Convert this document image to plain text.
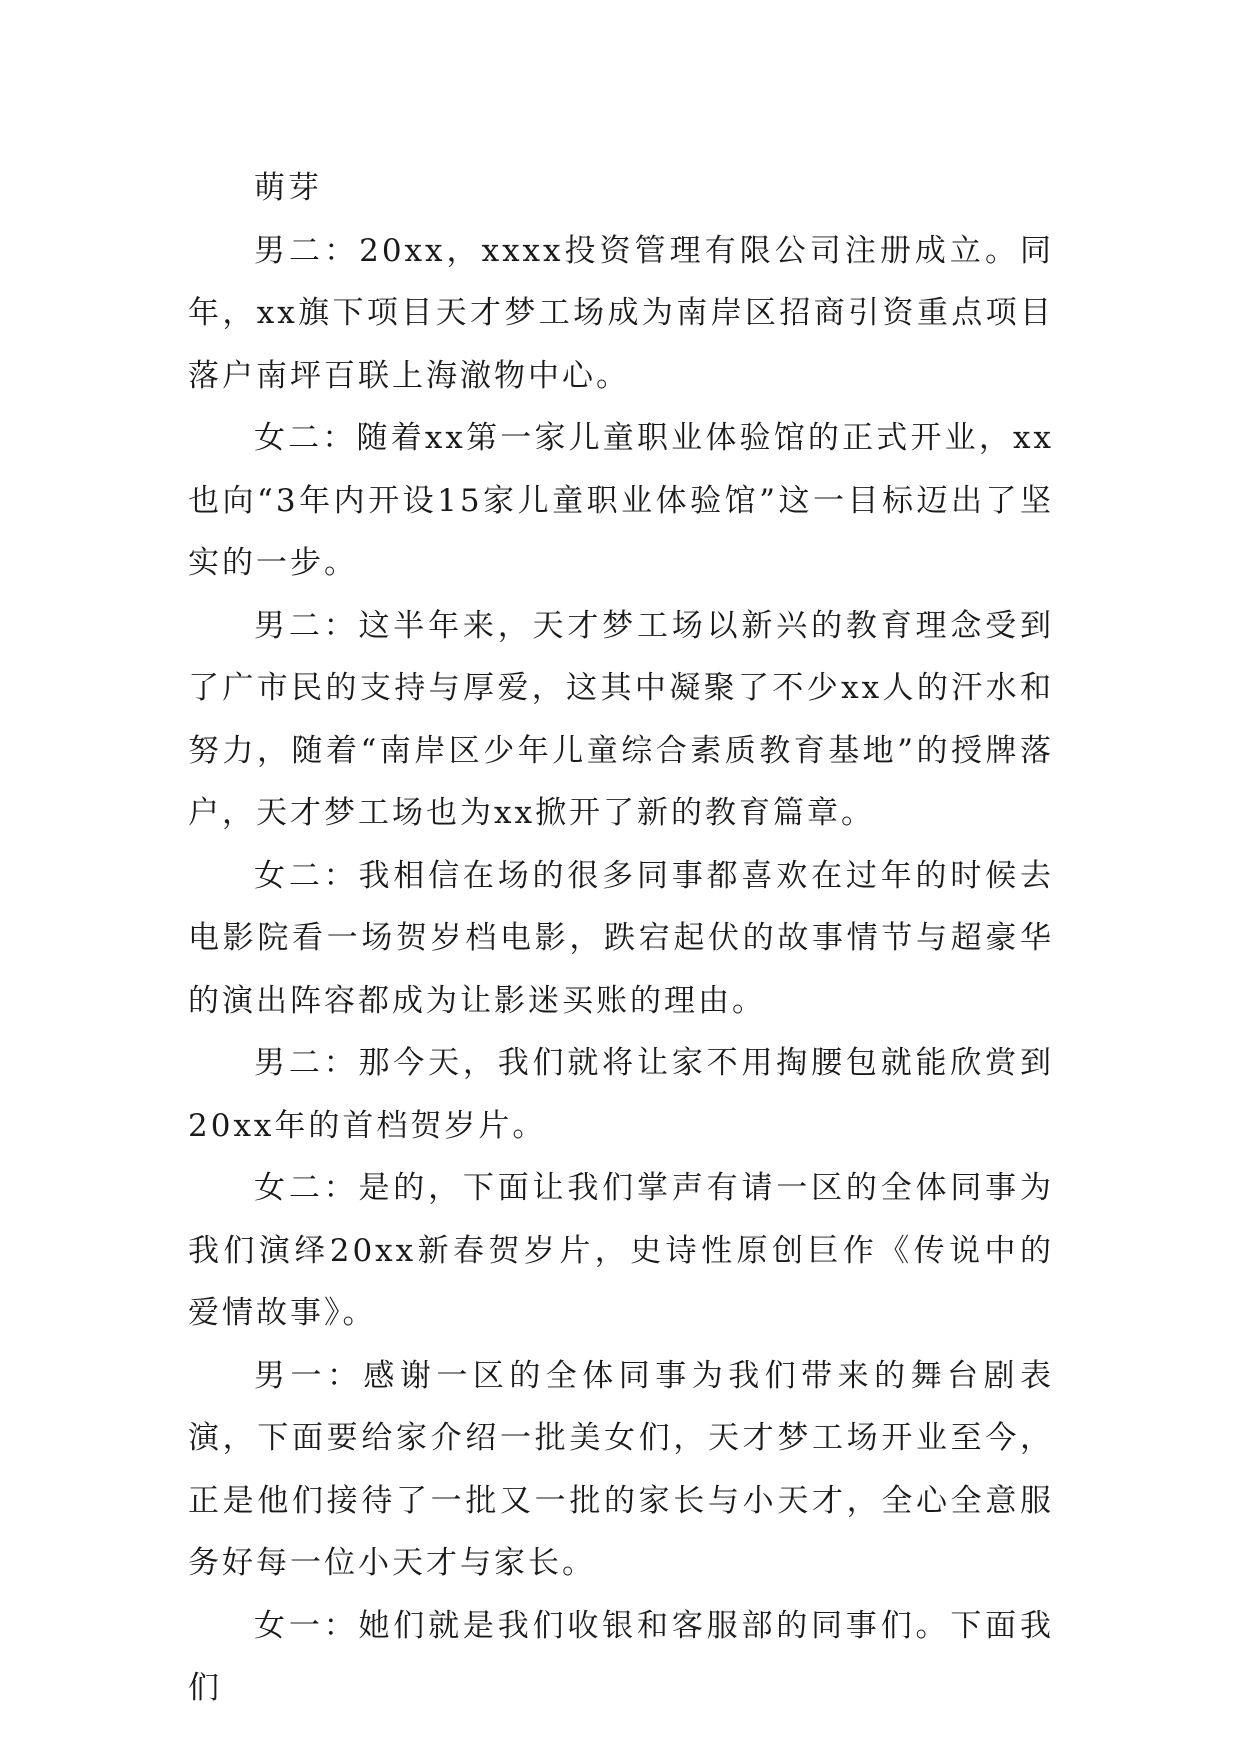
萌芽

男二：20xx，xxxx投资管理有限公司注册成立。同年，xx旗下项目天才梦工场成为南岸区招商引资重点项目落户南坪百联上海澈物中心。

女二：随着xx第一家儿童职业体验馆的正式开业，xx也向“3年内开设15家儿童职业体验馆”这一目标迈出了坚实的一步。

男二：这半年来，天才梦工场以新兴的教育理念受到了广市民的支持与厚爱，这其中凝聚了不少xx人的汗水和努力，随着“南岸区少年儿童综合素质教育基地”的授牌落户，天才梦工场也为xx掀开了新的教育篇章。

女二：我相信在场的很多同事都喜欢在过年的时候去电影院看一场贺岁档电影，跌宕起伏的故事情节与超豪华的演出阵容都成为让影迷买账的理由。

男二：那今天，我们就将让家不用掏腰包就能欣赏到20xx年的首档贺岁片。

女二：是的，下面让我们掌声有请一区的全体同事为我们演绎20xx新春贺岁片，史诗性原创巨作《传说中的爱情故事》。

男一：感谢一区的全体同事为我们带来的舞台剧表演，下面要给家介绍一批美女们，天才梦工场开业至今，正是他们接待了一批又一批的家长与小天才，全心全意服务好每一位小天才与家长。

女一：她们就是我们收银和客服部的同事们。下面我们
